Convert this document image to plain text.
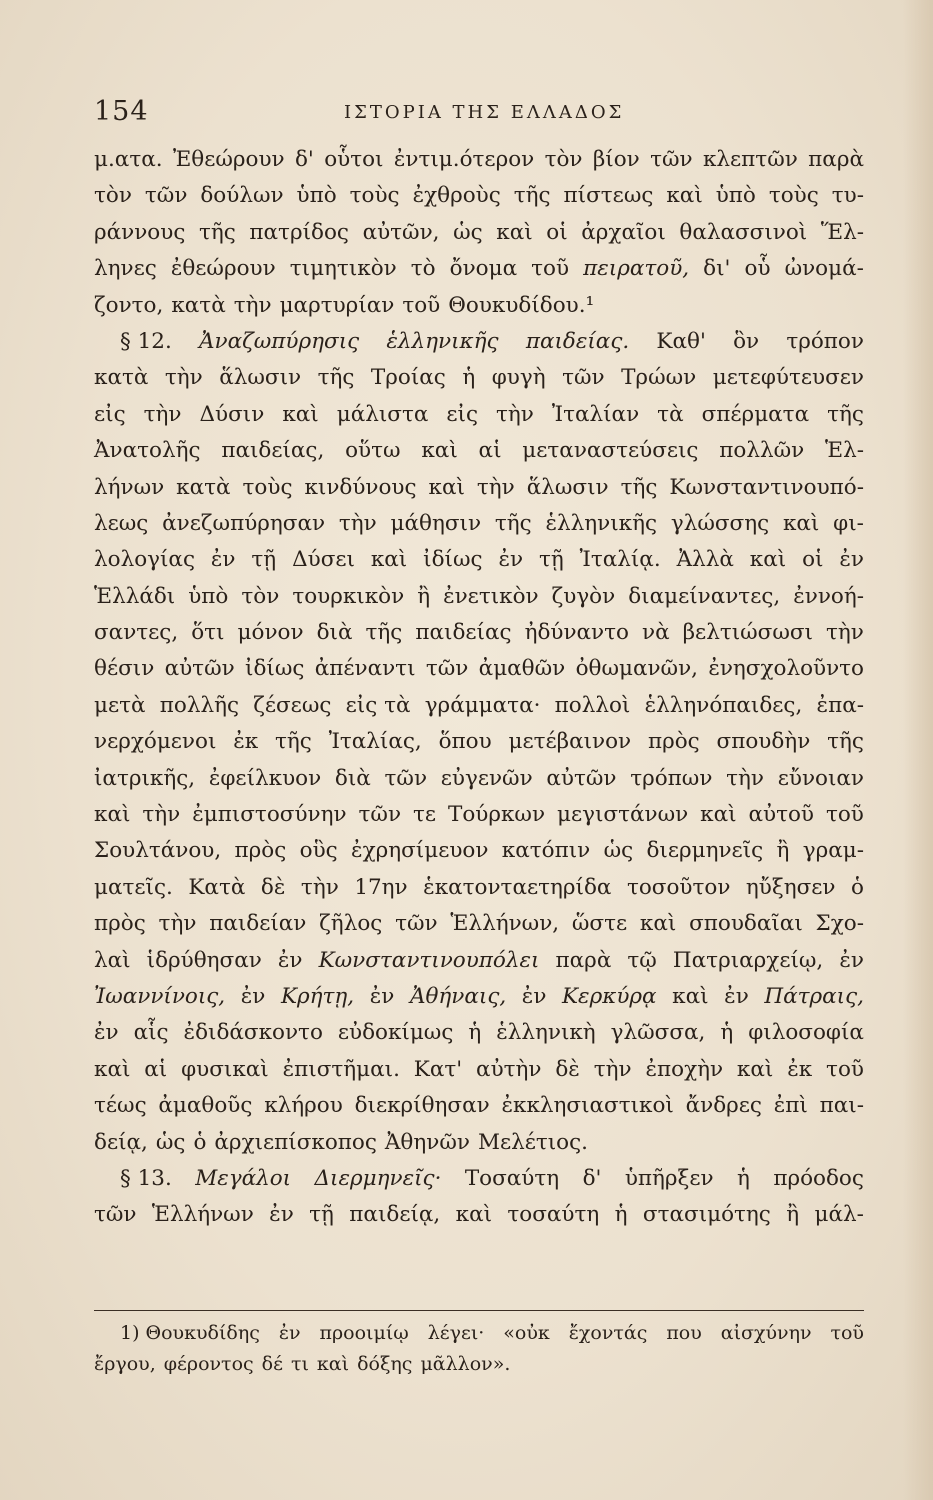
154	ΙΣΤΟΡΙΑ ΤΗΣ ΕΛΛΑΔΟΣ
μ.ατα. Ἐθεώρουν δ' οὗτοι ἐντιμ.ότερον τὸν βίον τῶν κλεπτῶν παρὰ
τὸν τῶν δούλων ὑπὸ τοὺς ἐχθροὺς τῆς πίστεως καὶ ὑπὸ τοὺς τυ-
ράννους τῆς πατρίδος αὐτῶν, ὡς καὶ οἱ ἀρχαῖοι θαλασσινοὶ Ἕλ-
ληνες ἐθεώρουν τιμητικὸν τὸ ὄνομα τοῦ πειρατοῦ, δι' οὗ ὠνομά-
ζοντο, κατὰ τὴν μαρτυρίαν τοῦ Θουκυδίδου.¹
§ 12. Ἀναζωπύρησις ἑλληνικῆς παιδείας. Καθ' ὃν τρόπον
κατὰ τὴν ἅλωσιν τῆς Τροίας ἡ φυγὴ τῶν Τρώων μετεφύτευσεν
εἰς τὴν Δύσιν καὶ μάλιστα εἰς τὴν Ἰταλίαν τὰ σπέρματα τῆς
Ἀνατολῆς παιδείας, οὕτω καὶ αἱ μεταναστεύσεις πολλῶν Ἑλ-
λήνων κατὰ τοὺς κινδύνους καὶ τὴν ἅλωσιν τῆς Κωνσταντινουπό-
λεως ἀνεζωπύρησαν τὴν μάθησιν τῆς ἑλληνικῆς γλώσσης καὶ φι-
λολογίας ἐν τῇ Δύσει καὶ ἰδίως ἐν τῇ Ἰταλίᾳ. Ἀλλὰ καὶ οἱ ἐν
Ἑλλάδι ὑπὸ τὸν τουρκικὸν ἢ ἐνετικὸν ζυγὸν διαμείναντες, ἐννοή-
σαντες, ὅτι μόνον διὰ τῆς παιδείας ἠδύναντο νὰ βελτιώσωσι τὴν
θέσιν αὐτῶν ἰδίως ἀπέναντι τῶν ἀμαθῶν ὀθωμανῶν, ἐνησχολοῦντο
μετὰ πολλῆς ζέσεως εἰς τὰ γράμματα· πολλοὶ ἑλληνόπαιδες, ἐπα-
νερχόμενοι ἐκ τῆς Ἰταλίας, ὅπου μετέβαινον πρὸς σπουδὴν τῆς
ἰατρικῆς, ἐφείλκυον διὰ τῶν εὐγενῶν αὐτῶν τρόπων τὴν εὔνοιαν
καὶ τὴν ἐμπιστοσύνην τῶν τε Τούρκων μεγιστάνων καὶ αὐτοῦ τοῦ
Σουλτάνου, πρὸς οὓς ἐχρησίμευον κατόπιν ὡς διερμηνεῖς ἢ γραμ-
ματεῖς. Κατὰ δὲ τὴν 17ην ἑκατονταετηρίδα τοσοῦτον ηὔξησεν ὁ
πρὸς τὴν παιδείαν ζῆλος τῶν Ἑλλήνων, ὥστε καὶ σπουδαῖαι Σχο-
λαὶ ἱδρύθησαν ἐν Κωνσταντινουπόλει παρὰ τῷ Πατριαρχείῳ, ἐν
Ἰωαννίνοις, ἐν Κρήτῃ, ἐν Ἀθήναις, ἐν Κερκύρᾳ καὶ ἐν Πάτραις,
ἐν αἷς ἐδιδάσκοντο εὐδοκίμως ἡ ἑλληνικὴ γλῶσσα, ἡ φιλοσοφία
καὶ αἱ φυσικαὶ ἐπιστῆμαι. Κατ' αὐτὴν δὲ τὴν ἐποχὴν καὶ ἐκ τοῦ
τέως ἀμαθοῦς κλήρου διεκρίθησαν ἐκκλησιαστικοὶ ἄνδρες ἐπὶ παι-
δείᾳ, ὡς ὁ ἀρχιεπίσκοπος Ἀθηνῶν Μελέτιος.
§ 13. Μεγάλοι Διερμηνεῖς· Τοσαύτη δ' ὑπῆρξεν ἡ πρόοδος
τῶν Ἑλλήνων ἐν τῇ παιδείᾳ, καὶ τοσαύτη ἡ στασιμότης ἢ μάλ-
1) Θουκυδίδης ἐν προοιμίῳ λέγει· «οὐκ ἔχοντάς που αἰσχύνην τοῦ
ἔργου, φέροντος δέ τι καὶ δόξης μᾶλλον».
